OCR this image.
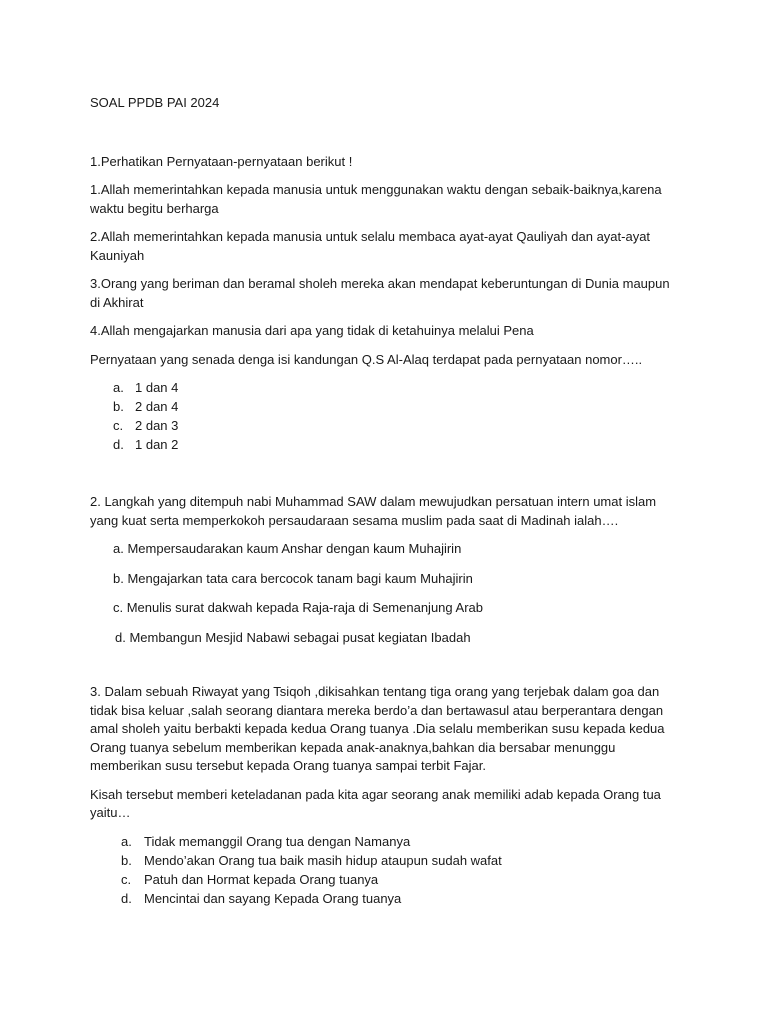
SOAL PPDB PAI 2024

1.Perhatikan Pernyataan-pernyataan berikut !

1.Allah memerintahkan kepada manusia untuk menggunakan waktu dengan sebaik-baiknya,karena waktu begitu berharga

2.Allah memerintahkan kepada manusia untuk selalu membaca ayat-ayat Qauliyah dan ayat-ayat Kauniyah

3.Orang yang beriman dan beramal sholeh mereka akan mendapat keberuntungan di Dunia maupun di Akhirat

4.Allah mengajarkan manusia dari apa yang tidak di ketahuinya melalui Pena

Pernyataan yang senada denga isi kandungan Q.S Al-Alaq terdapat pada pernyataan nomor…..

a. 1 dan 4
b. 2 dan 4
c. 2 dan 3
d. 1 dan 2

2. Langkah yang ditempuh nabi Muhammad SAW dalam mewujudkan persatuan intern umat islam yang kuat serta memperkokoh persaudaraan sesama muslim pada saat di Madinah ialah….

a. Mempersaudarakan kaum Anshar dengan kaum Muhajirin

b. Mengajarkan tata cara bercocok tanam bagi kaum Muhajirin

c. Menulis surat dakwah kepada Raja-raja di Semenanjung Arab

d. Membangun Mesjid Nabawi sebagai pusat kegiatan Ibadah

3. Dalam sebuah Riwayat yang Tsiqoh ,dikisahkan tentang tiga orang yang terjebak dalam goa dan tidak bisa keluar ,salah seorang diantara mereka berdo’a dan bertawasul atau berperantara dengan amal sholeh yaitu berbakti kepada kedua Orang tuanya .Dia selalu memberikan susu kepada kedua Orang tuanya sebelum memberikan kepada anak-anaknya,bahkan dia bersabar menunggu memberikan susu tersebut kepada Orang tuanya sampai terbit Fajar.

Kisah tersebut memberi keteladanan pada kita agar seorang anak memiliki adab kepada Orang tua yaitu…

a. Tidak memanggil Orang tua dengan Namanya
b. Mendo’akan Orang tua baik masih hidup ataupun sudah wafat
c. Patuh dan Hormat kepada Orang tuanya
d. Mencintai dan sayang Kepada Orang tuanya
